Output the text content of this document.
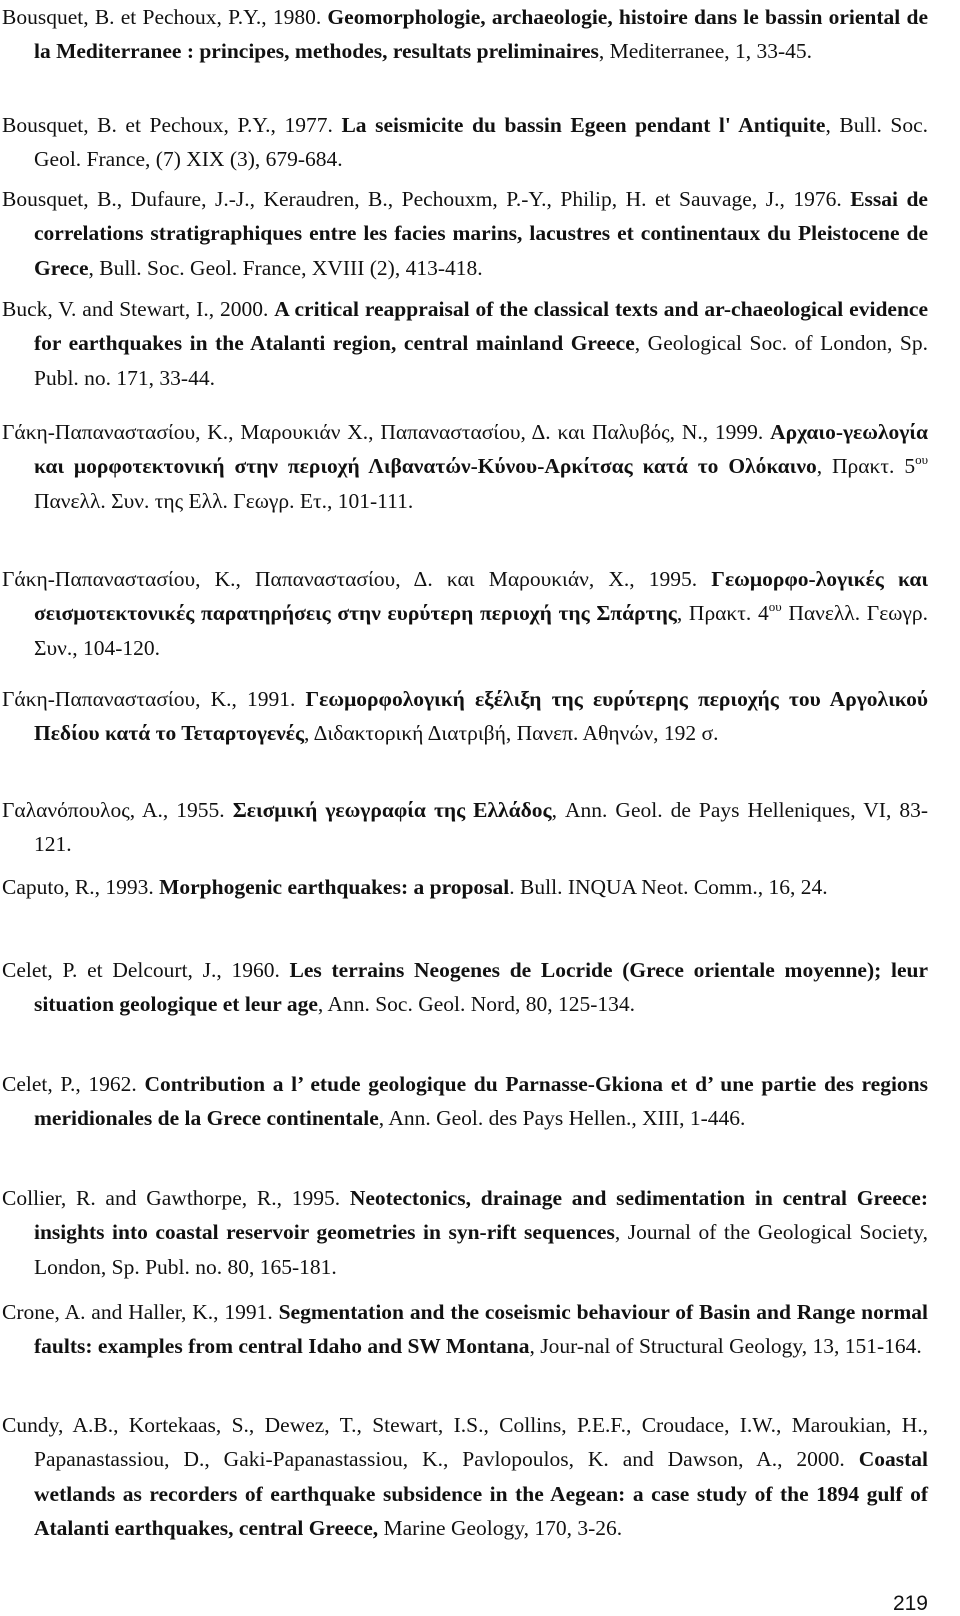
Bousquet, B. et Pechoux, P.Y., 1980. Geomorphologie, archaeologie, histoire dans le bassin oriental de la Mediterranee : principes, methodes, resultats preliminaires, Mediterranee, 1, 33-45.

Bousquet, B. et Pechoux, P.Y., 1977. La seismicite du bassin Egeen pendant l' Antiquite, Bull. Soc. Geol. France, (7) XIX (3), 679-684.

Bousquet, B., Dufaure, J.-J., Keraudren, B., Pechouxm, P.-Y., Philip, H. et Sauvage, J., 1976. Essai de correlations stratigraphiques entre les facies marins, lacustres et continentaux du Pleistocene de Grece, Bull. Soc. Geol. France, XVIII (2), 413-418.

Buck, V. and Stewart, I., 2000. A critical reappraisal of the classical texts and ar-chaeological evidence for earthquakes in the Atalanti region, central mainland Greece, Geological Soc. of London, Sp. Publ. no. 171, 33-44.

Γάκη-Παπαναστασίου, Κ., Μαρουκιάν Χ., Παπαναστασίου, Δ. και Παλυβός, Ν., 1999. Αρχαιο-γεωλογία και μορφοτεκτονική στην περιοχή Λιβανατών-Κύνου-Αρκίτσας κατά το Ολόκαινο, Πρακτ. $5^{o\upsilon}$ Πανελλ. Συν. της Ελλ. Γεωγρ. Ετ., 101-111.

Γάκη-Παπαναστασίου, Κ., Παπαναστασίου, Δ. και Μαρουκιάν, Χ., 1995. Γεωμορφο-λογικές και σεισμοτεκτονικές παρατηρήσεις στην ευρύτερη περιοχή της Σπάρτης, Πρακτ. $4^{o\upsilon}$ Πανελλ. Γεωγρ. Συν., 104-120.

Γάκη-Παπαναστασίου, Κ., 1991. Γεωμορφολογική εξέλιξη της ευρύτερης περιοχής του Αργολικού Πεδίου κατά το Τεταρτογενές, Διδακτορική Διατριβή, Πανεπ. Αθηνών, 192 σ.

Γαλανόπουλος, Α., 1955. Σεισμική γεωγραφία της Ελλάδος, Ann. Geol. de Pays Helleniques, VI, 83-121.

Caputo, R., 1993. Morphogenic earthquakes: a proposal. Bull. INQUA Neot. Comm., 16, 24.

Celet, P. et Delcourt, J., 1960. Les terrains Neogenes de Locride (Grece orientale moyenne); leur situation geologique et leur age, Ann. Soc. Geol. Nord, 80, 125-134.

Celet, P., 1962. Contribution a l’ etude geologique du Parnasse-Gkiona et d’ une partie des regions meridionales de la Grece continentale, Ann. Geol. des Pays Hellen., XIII, 1-446.

Collier, R. and Gawthorpe, R., 1995. Neotectonics, drainage and sedimentation in central Greece: insights into coastal reservoir geometries in syn-rift sequences, Journal of the Geological Society, London, Sp. Publ. no. 80, 165-181.

Crone, A. and Haller, K., 1991. Segmentation and the coseismic behaviour of Basin and Range normal faults: examples from central Idaho and SW Montana, Jour-nal of Structural Geology, 13, 151-164.

Cundy, A.B., Kortekaas, S., Dewez, T., Stewart, I.S., Collins, P.E.F., Croudace, I.W., Maroukian, H., Papanastassiou, D., Gaki-Papanastassiou, K., Pavlopoulos, K. and Dawson, A., 2000. Coastal wetlands as recorders of earthquake subsidence in the Aegean: a case study of the 1894 gulf of Atalanti earthquakes, central Greece, Marine Geology, 170, 3-26.

219
